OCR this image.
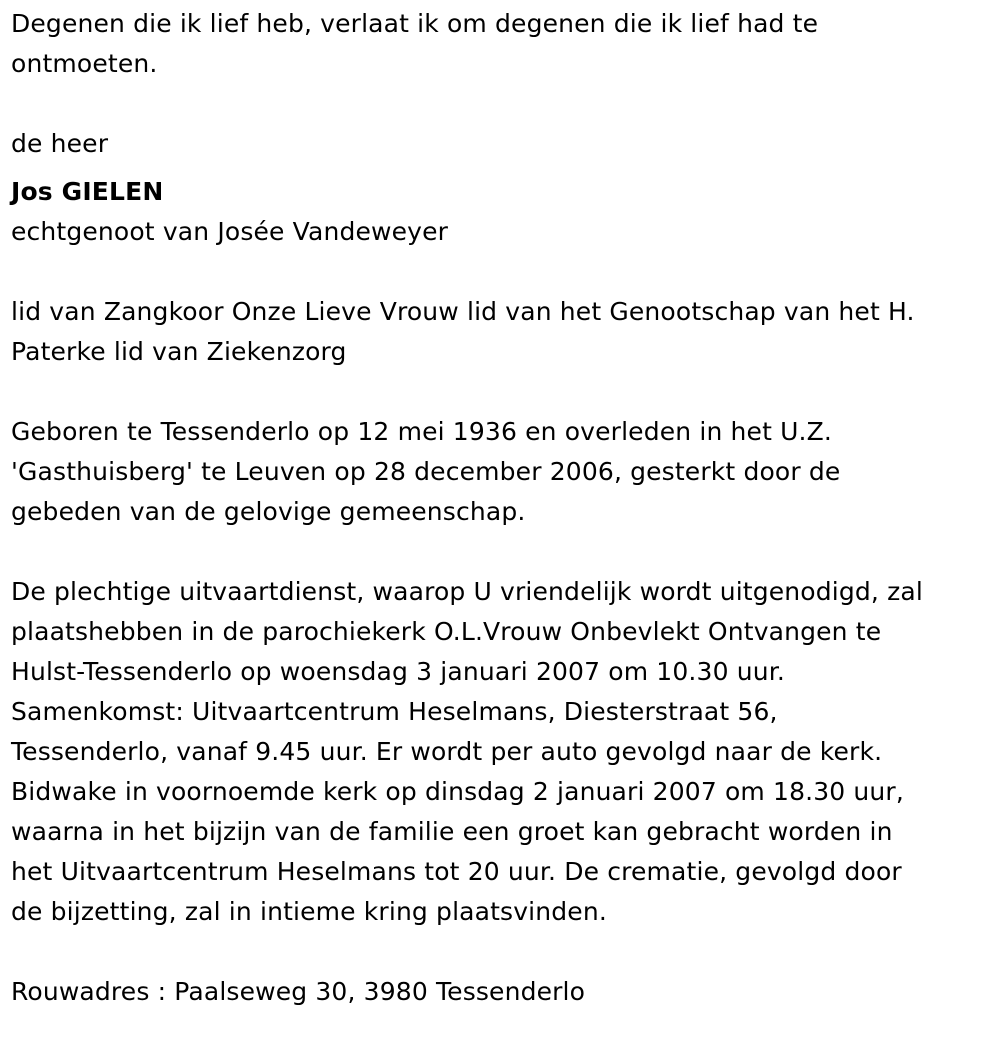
Degenen die ik lief heb, verlaat ik om degenen die ik lief had te
ontmoeten.
de heer
Jos GIELEN
echtgenoot van Josée Vandeweyer
lid van Zangkoor Onze Lieve Vrouw lid van het Genootschap van het H.
Paterke lid van Ziekenzorg
Geboren te Tessenderlo op 12 mei 1936 en overleden in het U.Z.
'Gasthuisberg' te Leuven op 28 december 2006, gesterkt door de
gebeden van de gelovige gemeenschap.
De plechtige uitvaartdienst, waarop U vriendelijk wordt uitgenodigd, zal
plaatshebben in de parochiekerk O.L.Vrouw Onbevlekt Ontvangen te
Hulst-Tessenderlo op woensdag 3 januari 2007 om 10.30 uur.
Samenkomst: Uitvaartcentrum Heselmans, Diesterstraat 56,
Tessenderlo, vanaf 9.45 uur. Er wordt per auto gevolgd naar de kerk.
Bidwake in voornoemde kerk op dinsdag 2 januari 2007 om 18.30 uur,
waarna in het bijzijn van de familie een groet kan gebracht worden in
het Uitvaartcentrum Heselmans tot 20 uur. De crematie, gevolgd door
de bijzetting, zal in intieme kring plaatsvinden.
Rouwadres : Paalseweg 30, 3980 Tessenderlo
